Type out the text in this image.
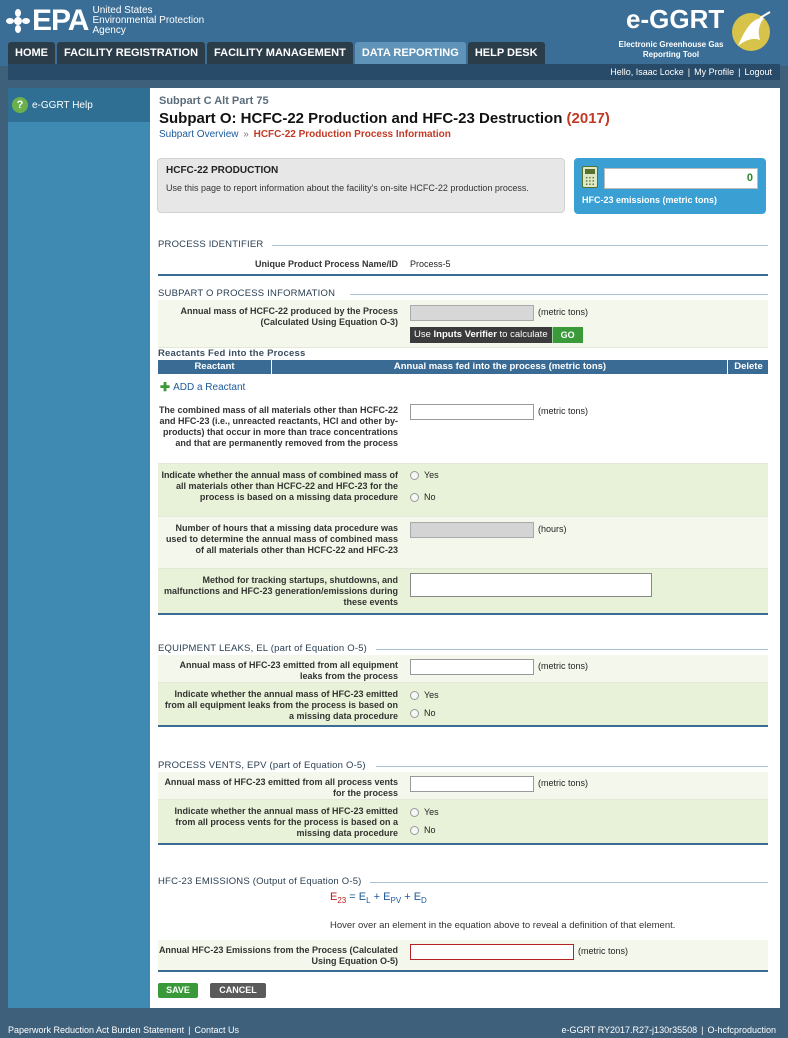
EPA United States
Environmental Protection
Agency	e-GGRT
Electronic Greenhouse Gas
Reporting Tool
HOME	FACILITY REGISTRATION	FACILITY MANAGEMENT	DATA REPORTING	HELP DESK
Hello, Isaac Locke | My Profile | Logout
? e-GGRT Help	Subpart C Alt Part 75
Subpart O: HCFC-22 Production and HFC-23 Destruction (2017)
Subpart Overview » HCFC-22 Production Process Information
HCFC-22 PRODUCTION
Use this page to report information about the facility's on-site HCFC-22 production process.
0
HFC-23 emissions (metric tons)
PROCESS IDENTIFIER
Unique Product Process Name/ID Process-5
SUBPART O PROCESS INFORMATION
Annual mass of HCFC-22 produced by the Process (Calculated Using Equation O-3)
(metric tons)
Use Inputs Verifier to calculate	GO
Reactants Fed into the Process
Reactant	Annual mass fed into the process (metric tons)	Delete
✚ ADD a Reactant
The combined mass of all materials other than HCFC-22 and HFC-23 (i.e., unreacted reactants, HCl and other by-products) that occur in more than trace concentrations and that are permanently removed from the process
(metric tons)
Indicate whether the annual mass of combined mass of all materials other than HCFC-22 and HFC-23 for the process is based on a missing data procedure
Yes
No
Number of hours that a missing data procedure was used to determine the annual mass of combined mass of all materials other than HCFC-22 and HFC-23
(hours)
Method for tracking startups, shutdowns, and malfunctions and HFC-23 generation/emissions during these events
EQUIPMENT LEAKS, EL (part of Equation O-5)
Annual mass of HFC-23 emitted from all equipment leaks from the process
(metric tons)
Indicate whether the annual mass of HFC-23 emitted from all equipment leaks from the process is based on a missing data procedure
Yes
No
PROCESS VENTS, EPV (part of Equation O-5)
Annual mass of HFC-23 emitted from all process vents for the process
(metric tons)
Indicate whether the annual mass of HFC-23 emitted from all process vents for the process is based on a missing data procedure
Yes
No
HFC-23 EMISSIONS (Output of Equation O-5)
$E_{23} = E_L + E_{PV} + E_D$
Hover over an element in the equation above to reveal a definition of that element.
Annual HFC-23 Emissions from the Process (Calculated Using Equation O-5)
(metric tons)
SAVE	CANCEL
Paperwork Reduction Act Burden Statement | Contact Us	e-GGRT RY2017.R27-j130r35508 | O-hcfcproduction
